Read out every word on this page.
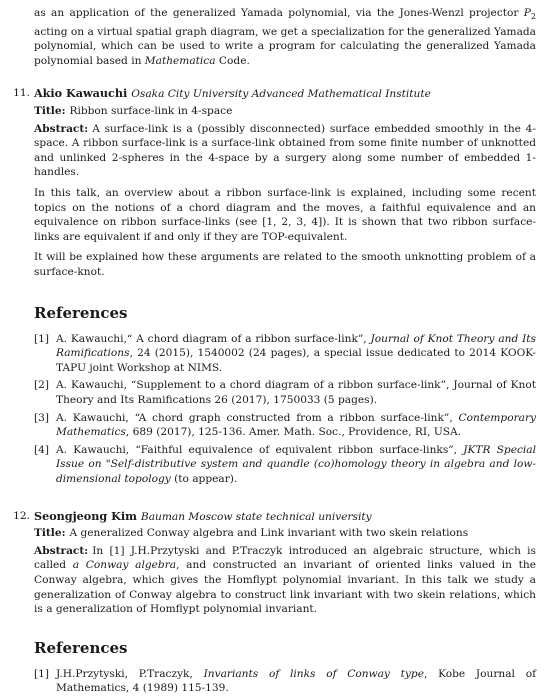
as an application of the generalized Yamada polynomial, via the Jones-Wenzl projector $P_2$ acting on a virtual spatial graph diagram, we get a specialization for the generalized Yamada polynomial, which can be used to write a program for calculating the generalized Yamada polynomial based in Mathematica Code.

11. Akio Kawauchi Osaka City University Advanced Mathematical Institute

Title: Ribbon surface-link in 4-space

Abstract: A surface-link is a (possibly disconnected) surface embedded smoothly in the 4-space. A ribbon surface-link is a surface-link obtained from some finite number of unknotted and unlinked 2-spheres in the 4-space by a surgery along some number of embedded 1-handles.

In this talk, an overview about a ribbon surface-link is explained, including some recent topics on the notions of a chord diagram and the moves, a faithful equivalence and an equivalence on ribbon surface-links (see [1, 2, 3, 4]). It is shown that two ribbon surface-links are equivalent if and only if they are TOP-equivalent.

It will be explained how these arguments are related to the smooth unknotting problem of a surface-knot.

References

[1] A. Kawauchi,“ A chord diagram of a ribbon surface-link”, Journal of Knot Theory and Its Ramifications, 24 (2015), 1540002 (24 pages), a special issue dedicated to 2014 KOOK-TAPU joint Workshop at NIMS.

[2] A. Kawauchi, “Supplement to a chord diagram of a ribbon surface-link”, Journal of Knot Theory and Its Ramifications 26 (2017), 1750033 (5 pages).

[3] A. Kawauchi, “A chord graph constructed from a ribbon surface-link”, Contemporary Mathematics, 689 (2017), 125-136. Amer. Math. Soc., Providence, RI, USA.

[4] A. Kawauchi, “Faithful equivalence of equivalent ribbon surface-links”, JKTR Special Issue on "Self-distributive system and quandle (co)homology theory in algebra and low-dimensional topology (to appear).

12. Seongjeong Kim Bauman Moscow state technical university

Title: A generalized Conway algebra and Link invariant with two skein relations

Abstract: In [1] J.H.Przytyski and P.Traczyk introduced an algebraic structure, which is called a Conway algebra, and constructed an invariant of oriented links valued in the Conway algebra, which gives the Homflypt polynomial invariant. In this talk we study a generalization of Conway algebra to construct link invariant with two skein relations, which is a generalization of Homflypt polynomial invariant.

References

[1] J.H.Przytyski, P.Traczyk, Invariants of links of Conway type, Kobe Journal of Mathematics, 4 (1989) 115-139.
